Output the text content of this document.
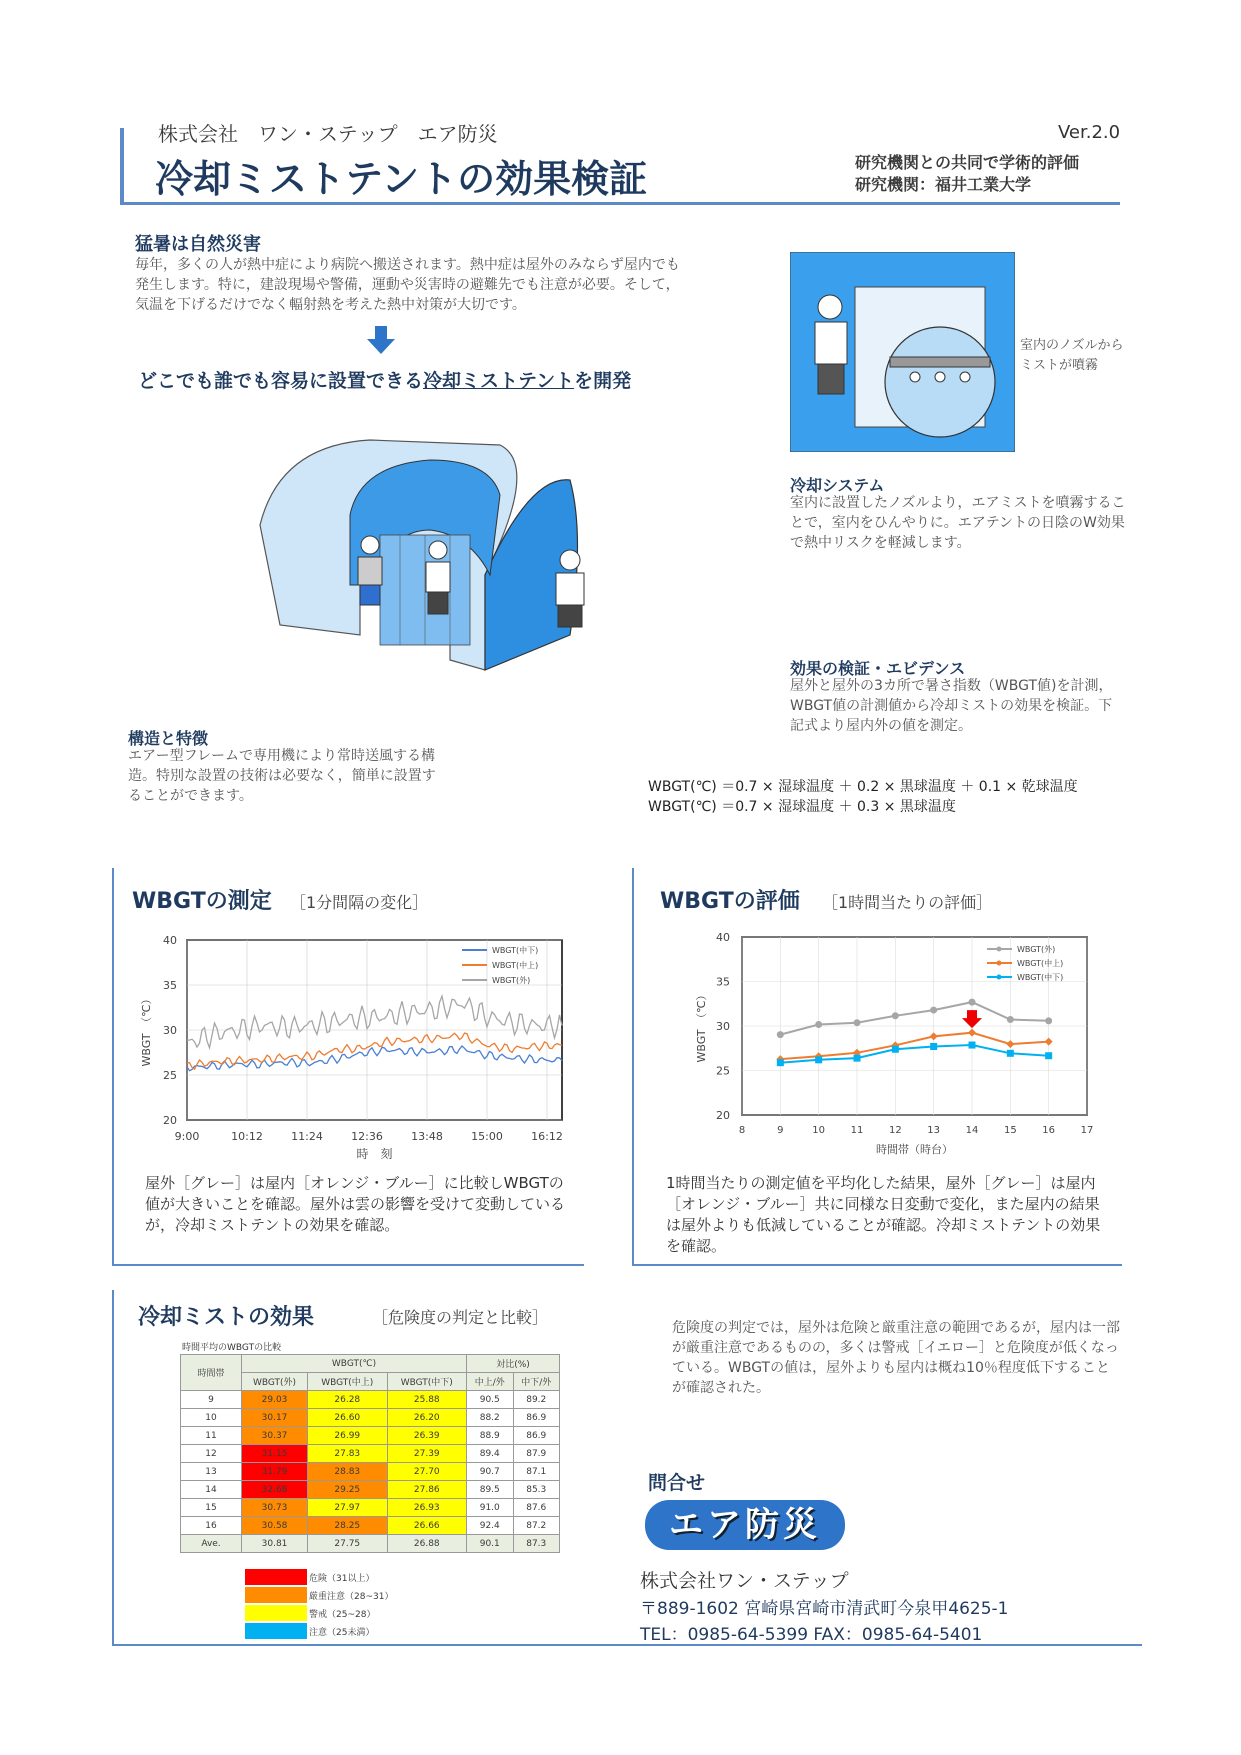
株式会社　ワン・ステップ　エア防災
冷却ミストテントの効果検証
Ver.2.0
研究機関との共同で学術的評価
研究機関：福井工業大学
猛暑は自然災害
毎年，多くの人が熱中症により病院へ搬送されます。熱中症は屋外のみならず屋内でも発生します。特に，建設現場や警備，運動や災害時の避難先でも注意が必要。そして，気温を下げるだけでなく輻射熱を考えた熱中対策が大切です。
どこでも誰でも容易に設置できる冷却ミストテントを開発
室内のノズルからミストが噴霧
冷却システム
室内に設置したノズルより，エアミストを噴霧することで，室内をひんやりに。エアテントの日陰のW効果で熱中リスクを軽減します。
構造と特徴
エアー型フレームで専用機により常時送風する構造。特別な設置の技術は必要なく，簡単に設置することができます。
効果の検証・エビデンス
屋外と屋外の3カ所で暑さ指数（WBGT値)を計測，WBGT値の計測値から冷却ミストの効果を検証。下記式より屋内外の値を測定。
WBGT(℃) ＝0.7 × 湿球温度 ＋ 0.2 × 黒球温度 ＋ 0.1 × 乾球温度
WBGT(℃) ＝0.7 × 湿球温度 ＋ 0.3 × 黒球温度
WBGTの測定 ［1分間隔の変化］
20
25
30
35
40
9:00	10:12	11:24	12:36	13:48	15:00	16:12
時　刻
WBGT　（℃）
WBGT(中下)
WBGT(中上)
WBGT(外)
屋外［グレー］は屋内［オレンジ・ブルー］に比較しWBGTの値が大きいことを確認。屋外は雲の影響を受けて変動しているが，冷却ミストテントの効果を確認。
WBGTの評価 ［1時間当たりの評価］
20
25
30
35
40
8	9	10	11	12	13	14	15	16	17
時間帯（時台）
WBGT　（℃）
WBGT(外)
WBGT(中上)
WBGT(中下)
1時間当たりの測定値を平均化した結果，屋外［グレー］は屋内［オレンジ・ブルー］共に同様な日変動で変化，また屋内の結果は屋外よりも低減していることが確認。冷却ミストテントの効果を確認。
冷却ミストの効果	［危険度の判定と比較］
時間平均のWBGTの比較
時間帯	WBGT(℃)			対比(%)	
	WBGT(外)	WBGT(中上)	WBGT(中下)	中上/外	中下/外
9	29.03	26.28	25.88	90.5	89.2
10	30.17	26.60	26.20	88.2	86.9
11	30.37	26.99	26.39	88.9	86.9
12	31.15	27.83	27.39	89.4	87.9
13	31.79	28.83	27.70	90.7	87.1
14	32.68	29.25	27.86	89.5	85.3
15	30.73	27.97	26.93	91.0	87.6
16	30.58	28.25	26.66	92.4	87.2
Ave.	30.81	27.75	26.88	90.1	87.3
危険（31以上）
厳重注意（28~31）
警戒（25~28）
注意（25未満）
危険度の判定では，屋外は危険と厳重注意の範囲であるが，屋内は一部が厳重注意であるものの，多くは警戒［イエロー］と危険度が低くなっている。WBGTの値は，屋外よりも屋内は概ね10％程度低下することが確認された。
問合せ
エア防災
株式会社ワン・ステップ
〒889-1602 宮崎県宮崎市清武町今泉甲4625-1
TEL：0985-64-5399 FAX：0985-64-5401
